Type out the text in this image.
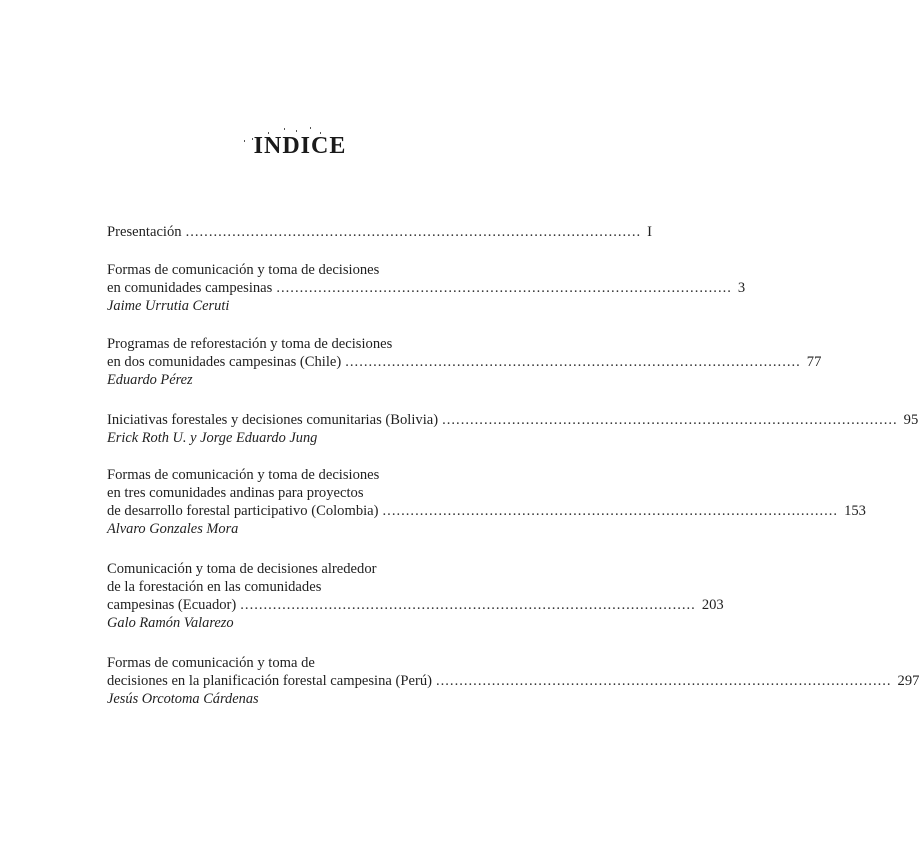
INDICE
Presentación .................................................................................................. I
Formas de comunicación y toma de decisiones
en comunidades campesinas .................................................................................................. 3
Jaime Urrutia Ceruti
Programas de reforestación y toma de decisiones
en dos comunidades campesinas (Chile) .................................................................................................. 77
Eduardo Pérez
Iniciativas forestales y decisiones comunitarias (Bolivia) .................................................................................................. 95
Erick Roth U. y Jorge Eduardo Jung
Formas de comunicación y toma de decisiones
en tres comunidades andinas para proyectos
de desarrollo forestal participativo (Colombia) .................................................................................................. 153
Alvaro Gonzales Mora
Comunicación y toma de decisiones alrededor
de la forestación en las comunidades
campesinas (Ecuador) .................................................................................................. 203
Galo Ramón Valarezo
Formas de comunicación y toma de
decisiones en la planificación forestal campesina (Perú) .................................................................................................. 297
Jesús Orcotoma Cárdenas
